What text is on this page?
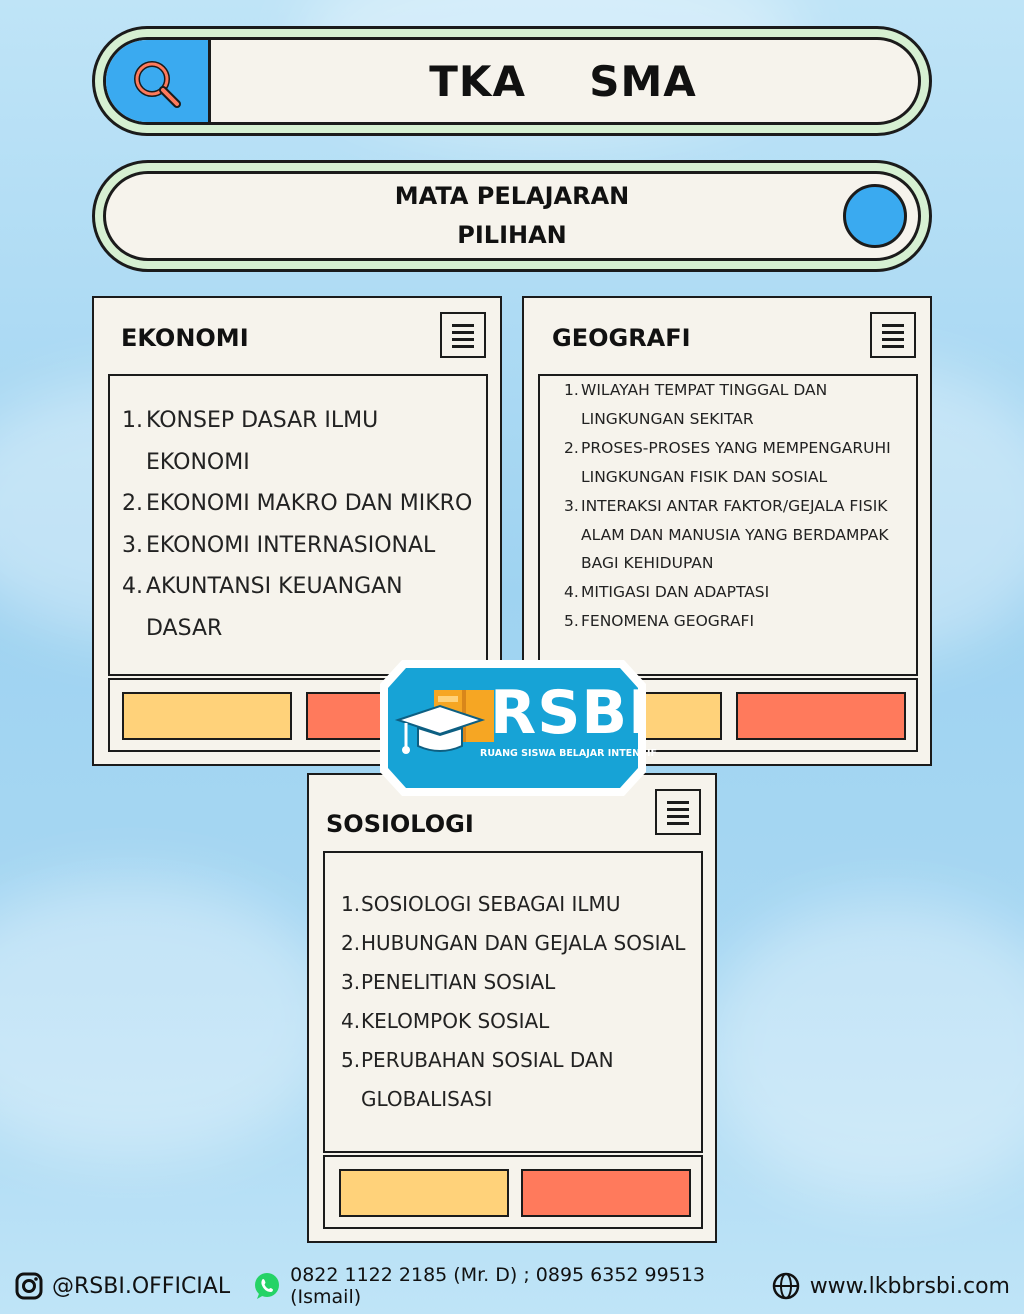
TKA  SMA
MATA PELAJARAN
PILIHAN
EKONOMI
1. KONSEP DASAR ILMU EKONOMI
2. EKONOMI MAKRO DAN MIKRO
3. EKONOMI INTERNASIONAL
4. AKUNTANSI KEUANGAN DASAR
GEOGRAFI
1. WILAYAH TEMPAT TINGGAL DAN LINGKUNGAN SEKITAR
2. PROSES-PROSES YANG MEMPENGARUHI LINGKUNGAN FISIK DAN SOSIAL
3. INTERAKSI ANTAR FAKTOR/GEJALA FISIK ALAM DAN MANUSIA YANG BERDAMPAK BAGI KEHIDUPAN
4. MITIGASI DAN ADAPTASI
5. FENOMENA GEOGRAFI
SOSIOLOGI
1. SOSIOLOGI SEBAGAI ILMU
2. HUBUNGAN DAN GEJALA SOSIAL
3. PENELITIAN SOSIAL
4. KELOMPOK SOSIAL
5. PERUBAHAN SOSIAL DAN GLOBALISASI
RSBI
RUANG SISWA BELAJAR INTENSIF
@RSBI.OFFICIAL	0822 1122 2185 (Mr. D) ; 0895 6352 99513 (Ismail)	www.lkbbrsbi.com
